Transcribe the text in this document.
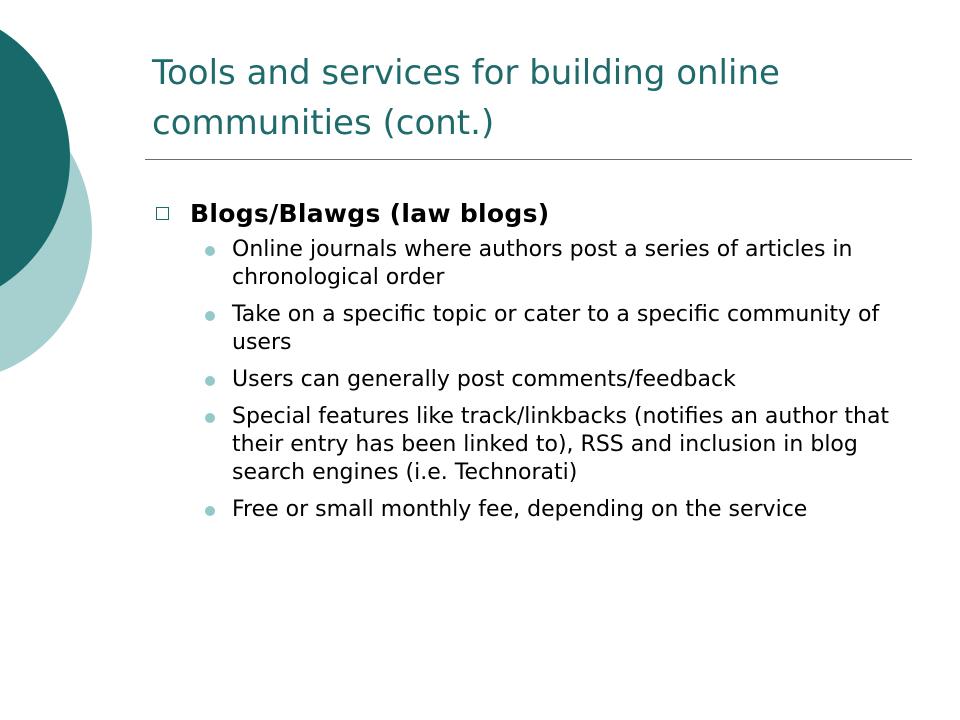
Tools and services for building online communities (cont.)
Blogs/Blawgs (law blogs)
Online journals where authors post a series of articles in chronological order
Take on a specific topic or cater to a specific community of users
Users can generally post comments/feedback
Special features like track/linkbacks (notifies an author that their entry has been linked to), RSS and inclusion in blog search engines (i.e. Technorati)
Free or small monthly fee, depending on the service
